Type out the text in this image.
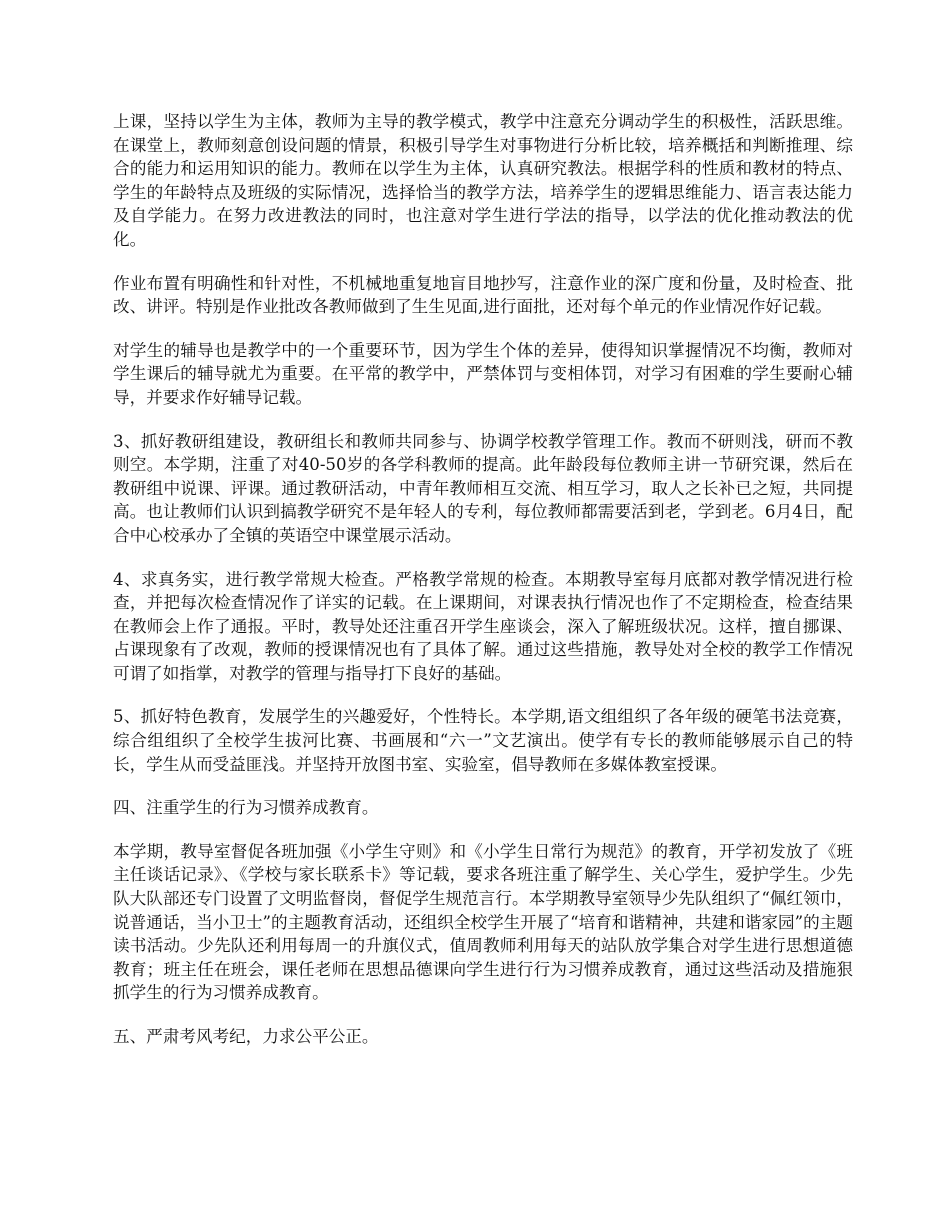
上课，坚持以学生为主体，教师为主导的教学模式，教学中注意充分调动学生的积极性，活跃思维。在课堂上，教师刻意创设问题的情景，积极引导学生对事物进行分析比较，培养概括和判断推理、综合的能力和运用知识的能力。教师在以学生为主体，认真研究教法。根据学科的性质和教材的特点、学生的年龄特点及班级的实际情况，选择恰当的教学方法，培养学生的逻辑思维能力、语言表达能力及自学能力。在努力改进教法的同时，也注意对学生进行学法的指导，以学法的优化推动教法的优化。

作业布置有明确性和针对性，不机械地重复地盲目地抄写，注意作业的深广度和份量，及时检查、批改、讲评。特别是作业批改各教师做到了生生见面,进行面批，还对每个单元的作业情况作好记载。

对学生的辅导也是教学中的一个重要环节，因为学生个体的差异，使得知识掌握情况不均衡，教师对学生课后的辅导就尤为重要。在平常的教学中，严禁体罚与变相体罚，对学习有困难的学生要耐心辅导，并要求作好辅导记载。

3、抓好教研组建设，教研组长和教师共同参与、协调学校教学管理工作。教而不研则浅，研而不教则空。本学期，注重了对40-50岁的各学科教师的提高。此年龄段每位教师主讲一节研究课，然后在教研组中说课、评课。通过教研活动，中青年教师相互交流、相互学习，取人之长补已之短，共同提高。也让教师们认识到搞教学研究不是年轻人的专利，每位教师都需要活到老，学到老。6月4日，配合中心校承办了全镇的英语空中课堂展示活动。

4、求真务实，进行教学常规大检查。严格教学常规的检查。本期教导室每月底都对教学情况进行检查，并把每次检查情况作了详实的记载。在上课期间，对课表执行情况也作了不定期检查，检查结果在教师会上作了通报。平时，教导处还注重召开学生座谈会，深入了解班级状况。这样，擅自挪课、占课现象有了改观，教师的授课情况也有了具体了解。通过这些措施，教导处对全校的教学工作情况可谓了如指掌，对教学的管理与指导打下良好的基础。

5、抓好特色教育，发展学生的兴趣爱好，个性特长。本学期,语文组组织了各年级的硬笔书法竞赛，综合组组织了全校学生拔河比赛、书画展和“六一”文艺演出。使学有专长的教师能够展示自己的特长，学生从而受益匪浅。并坚持开放图书室、实验室，倡导教师在多媒体教室授课。

四、注重学生的行为习惯养成教育。

本学期，教导室督促各班加强《小学生守则》和《小学生日常行为规范》的教育，开学初发放了《班主任谈话记录》、《学校与家长联系卡》等记载，要求各班注重了解学生、关心学生，爱护学生。少先队大队部还专门设置了文明监督岗，督促学生规范言行。本学期教导室领导少先队组织了“佩红领巾，说普通话，当小卫士”的主题教育活动，还组织全校学生开展了“培育和谐精神，共建和谐家园”的主题读书活动。少先队还利用每周一的升旗仪式，值周教师利用每天的站队放学集合对学生进行思想道德教育；班主任在班会，课任老师在思想品德课向学生进行行为习惯养成教育，通过这些活动及措施狠抓学生的行为习惯养成教育。

五、严肃考风考纪，力求公平公正。
